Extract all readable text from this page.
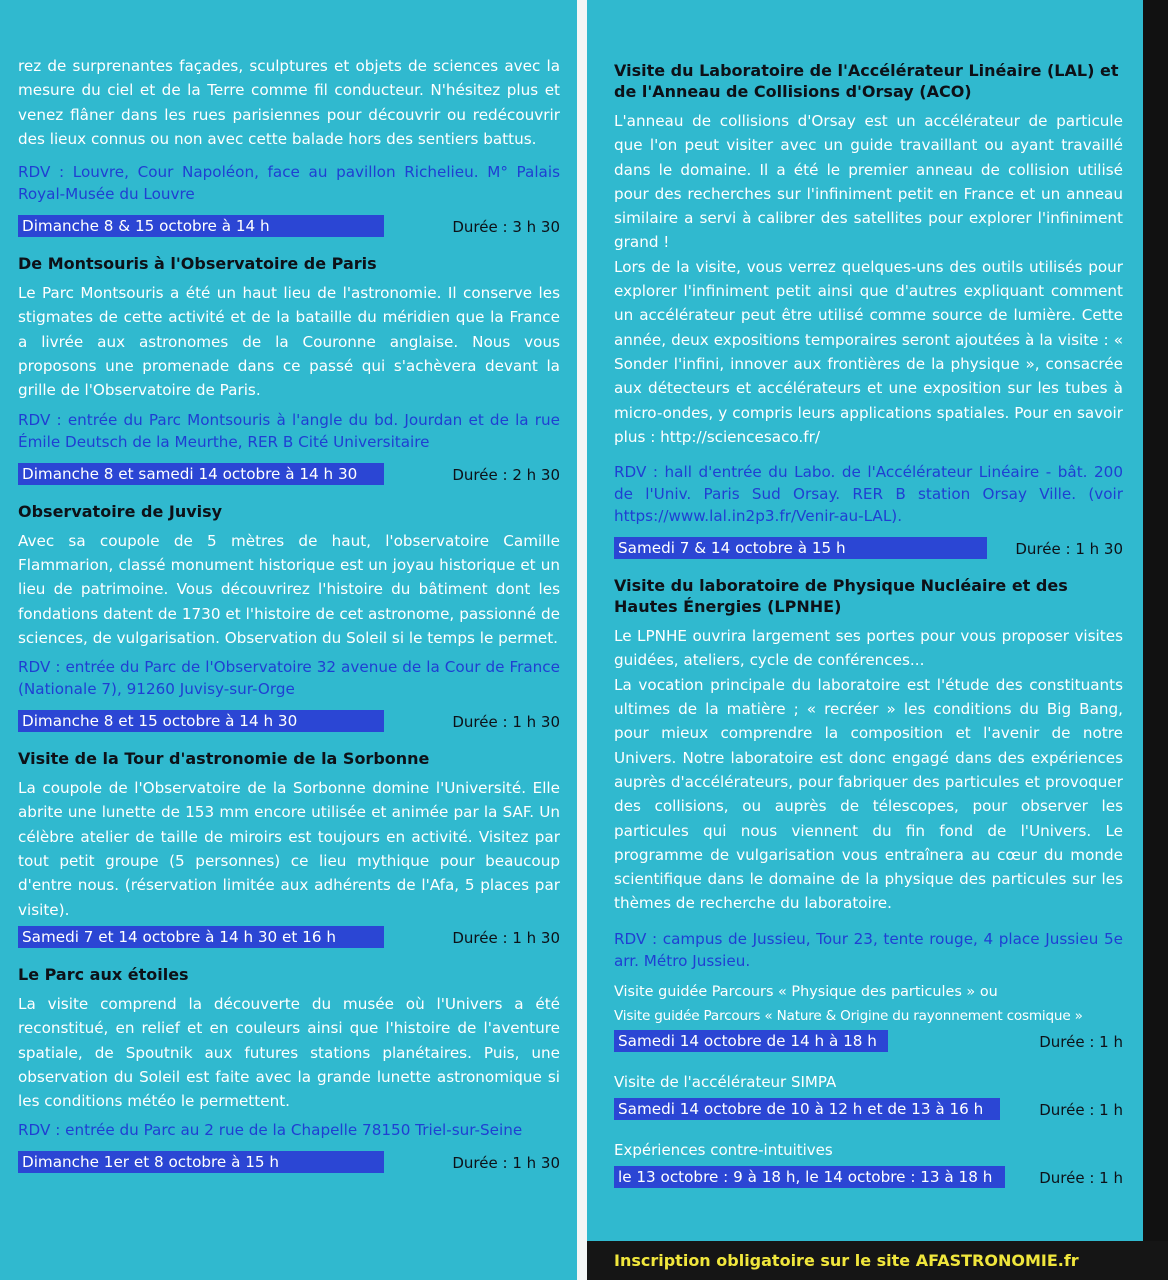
rez de surprenantes façades, sculptures et objets de sciences avec la mesure du ciel et de la Terre comme fil conducteur. N'hésitez plus et venez flâner dans les rues parisiennes pour découvrir ou redécouvrir des lieux connus ou non avec cette balade hors des sentiers battus.

RDV : Louvre, Cour Napoléon, face au pavillon Richelieu. M° Palais Royal-Musée du Louvre

Dimanche 8 & 15 octobre à 14 h	Durée : 3 h 30
De Montsouris à l'Observatoire de Paris

Le Parc Montsouris a été un haut lieu de l'astronomie. Il conserve les stigmates de cette activité et de la bataille du méridien que la France a livrée aux astronomes de la Couronne anglaise. Nous vous proposons une promenade dans ce passé qui s'achèvera devant la grille de l'Observatoire de Paris.

RDV : entrée du Parc Montsouris à l'angle du bd. Jourdan et de la rue Émile Deutsch de la Meurthe, RER B Cité Universitaire

Dimanche 8 et samedi 14 octobre à 14 h 30	Durée : 2 h 30
Observatoire de Juvisy

Avec sa coupole de 5 mètres de haut, l'observatoire Camille Flammarion, classé monument historique est un joyau historique et un lieu de patrimoine. Vous découvrirez l'histoire du bâtiment dont les fondations datent de 1730 et l'histoire de cet astronome, passionné de sciences, de vulgarisation. Observation du Soleil si le temps le permet.

RDV : entrée du Parc de l'Observatoire 32 avenue de la Cour de France (Nationale 7), 91260 Juvisy-sur-Orge

Dimanche 8 et 15 octobre à 14 h 30	Durée : 1 h 30
Visite de la Tour d'astronomie de la Sorbonne

La coupole de l'Observatoire de la Sorbonne domine l'Université. Elle abrite une lunette de 153 mm encore utilisée et animée par la SAF. Un célèbre atelier de taille de miroirs est toujours en activité. Visitez par tout petit groupe (5 personnes) ce lieu mythique pour beaucoup d'entre nous. (réservation limitée aux adhérents de l'Afa, 5 places par visite).

Samedi 7 et 14 octobre à 14 h 30 et 16 h	Durée : 1 h 30
Le Parc aux étoiles

La visite comprend la découverte du musée où l'Univers a été reconstitué, en relief et en couleurs ainsi que l'histoire de l'aventure spatiale, de Spoutnik aux futures stations planétaires. Puis, une observation du Soleil est faite avec la grande lunette astronomique si les conditions météo le permettent.

RDV : entrée du Parc au 2 rue de la Chapelle 78150 Triel-sur-Seine

Dimanche 1er et 8 octobre à 15 h	Durée : 1 h 30
Visite du Laboratoire de l'Accélérateur Linéaire (LAL) et de l'Anneau de Collisions d'Orsay (ACO)

L'anneau de collisions d'Orsay est un accélérateur de particule que l'on peut visiter avec un guide travaillant ou ayant travaillé dans le domaine. Il a été le premier anneau de collision utilisé pour des recherches sur l'infiniment petit en France et un anneau similaire a servi à calibrer des satellites pour explorer l'infiniment grand !

Lors de la visite, vous verrez quelques-uns des outils utilisés pour explorer l'infiniment petit ainsi que d'autres expliquant comment un accélérateur peut être utilisé comme source de lumière. Cette année, deux expositions temporaires seront ajoutées à la visite : « Sonder l'infini, innover aux frontières de la physique », consacrée aux détecteurs et accélérateurs et une exposition sur les tubes à micro-ondes, y compris leurs applications spatiales. Pour en savoir plus : http://sciencesaco.fr/

RDV : hall d'entrée du Labo. de l'Accélérateur Linéaire - bât. 200 de l'Univ. Paris Sud Orsay. RER B station Orsay Ville. (voir https://www.lal.in2p3.fr/Venir-au-LAL).

Samedi 7 & 14 octobre à 15 h	Durée : 1 h 30
Visite du laboratoire de Physique Nucléaire et des Hautes Énergies (LPNHE)

Le LPNHE ouvrira largement ses portes pour vous proposer visites guidées, ateliers, cycle de conférences...

La vocation principale du laboratoire est l'étude des constituants ultimes de la matière ; « recréer » les conditions du Big Bang, pour mieux comprendre la composition et l'avenir de notre Univers. Notre laboratoire est donc engagé dans des expériences auprès d'accélérateurs, pour fabriquer des particules et provoquer des collisions, ou auprès de télescopes, pour observer les particules qui nous viennent du fin fond de l'Univers. Le programme de vulgarisation vous entraînera au cœur du monde scientifique dans le domaine de la physique des particules sur les thèmes de recherche du laboratoire.

RDV : campus de Jussieu, Tour 23, tente rouge, 4 place Jussieu 5e arr. Métro Jussieu.

Visite guidée Parcours « Physique des particules » ou

Visite guidée Parcours « Nature & Origine du rayonnement cosmique »

Samedi 14 octobre de 14 h à 18 h	Durée : 1 h

Visite de l'accélérateur SIMPA

Samedi 14 octobre de 10 à 12 h et de 13 à 16 h	Durée : 1 h

Expériences contre-intuitives

le 13 octobre : 9 à 18 h, le 14 octobre : 13 à 18 h	Durée : 1 h
Inscription obligatoire sur le site AFASTRONOMIE.fr
